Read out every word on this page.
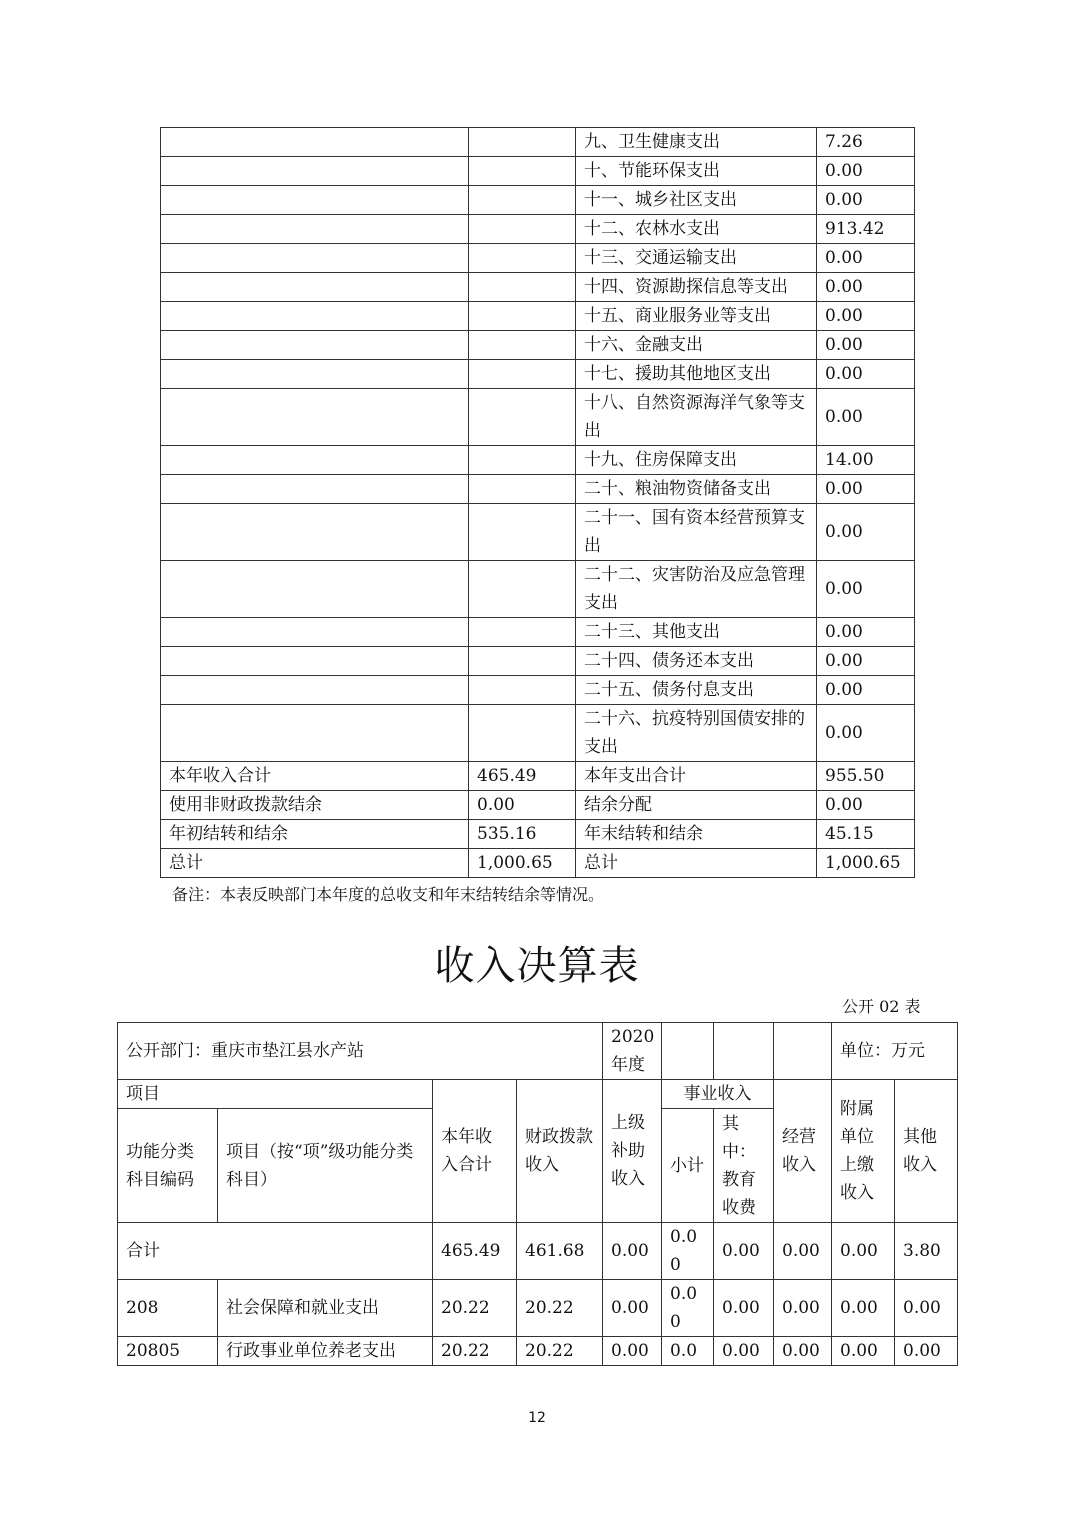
		九、卫生健康支出	7.26
		十、节能环保支出	0.00
		十一、城乡社区支出	0.00
		十二、农林水支出	913.42
		十三、交通运输支出	0.00
		十四、资源勘探信息等支出	0.00
		十五、商业服务业等支出	0.00
		十六、金融支出	0.00
		十七、援助其他地区支出	0.00
		十八、自然资源海洋气象等支出	0.00
		十九、住房保障支出	14.00
		二十、粮油物资储备支出	0.00
		二十一、国有资本经营预算支出	0.00
		二十二、灾害防治及应急管理支出	0.00
		二十三、其他支出	0.00
		二十四、债务还本支出	0.00
		二十五、债务付息支出	0.00
		二十六、抗疫特别国债安排的支出	0.00
本年收入合计	465.49	本年支出合计	955.50
使用非财政拨款结余	0.00	结余分配	0.00
年初结转和结余	535.16	年末结转和结余	45.15
总计	1,000.65	总计	1,000.65
备注：本表反映部门本年度的总收支和年末结转结余等情况。
收入决算表
公开 02 表
公开部门：重庆市垫江县水产站				2020 年度				单位：万元	
项目		本年收入合计	财政拨款收入	上级补助收入	事业收入		经营收入	附属单位上缴收入	其他收入
功能分类科目编码	项目（按“项”级功能分类科目）								
					小计	其中：教育收费			
合计		465.49	461.68	0.00	0.00	0.00	0.00	0.00	3.80
208	社会保障和就业支出	20.22	20.22	0.00	0.00	0.00	0.00	0.00	0.00
20805	行政事业单位养老支出	20.22	20.22	0.00	0.0	0.00	0.00	0.00	0.00
12
